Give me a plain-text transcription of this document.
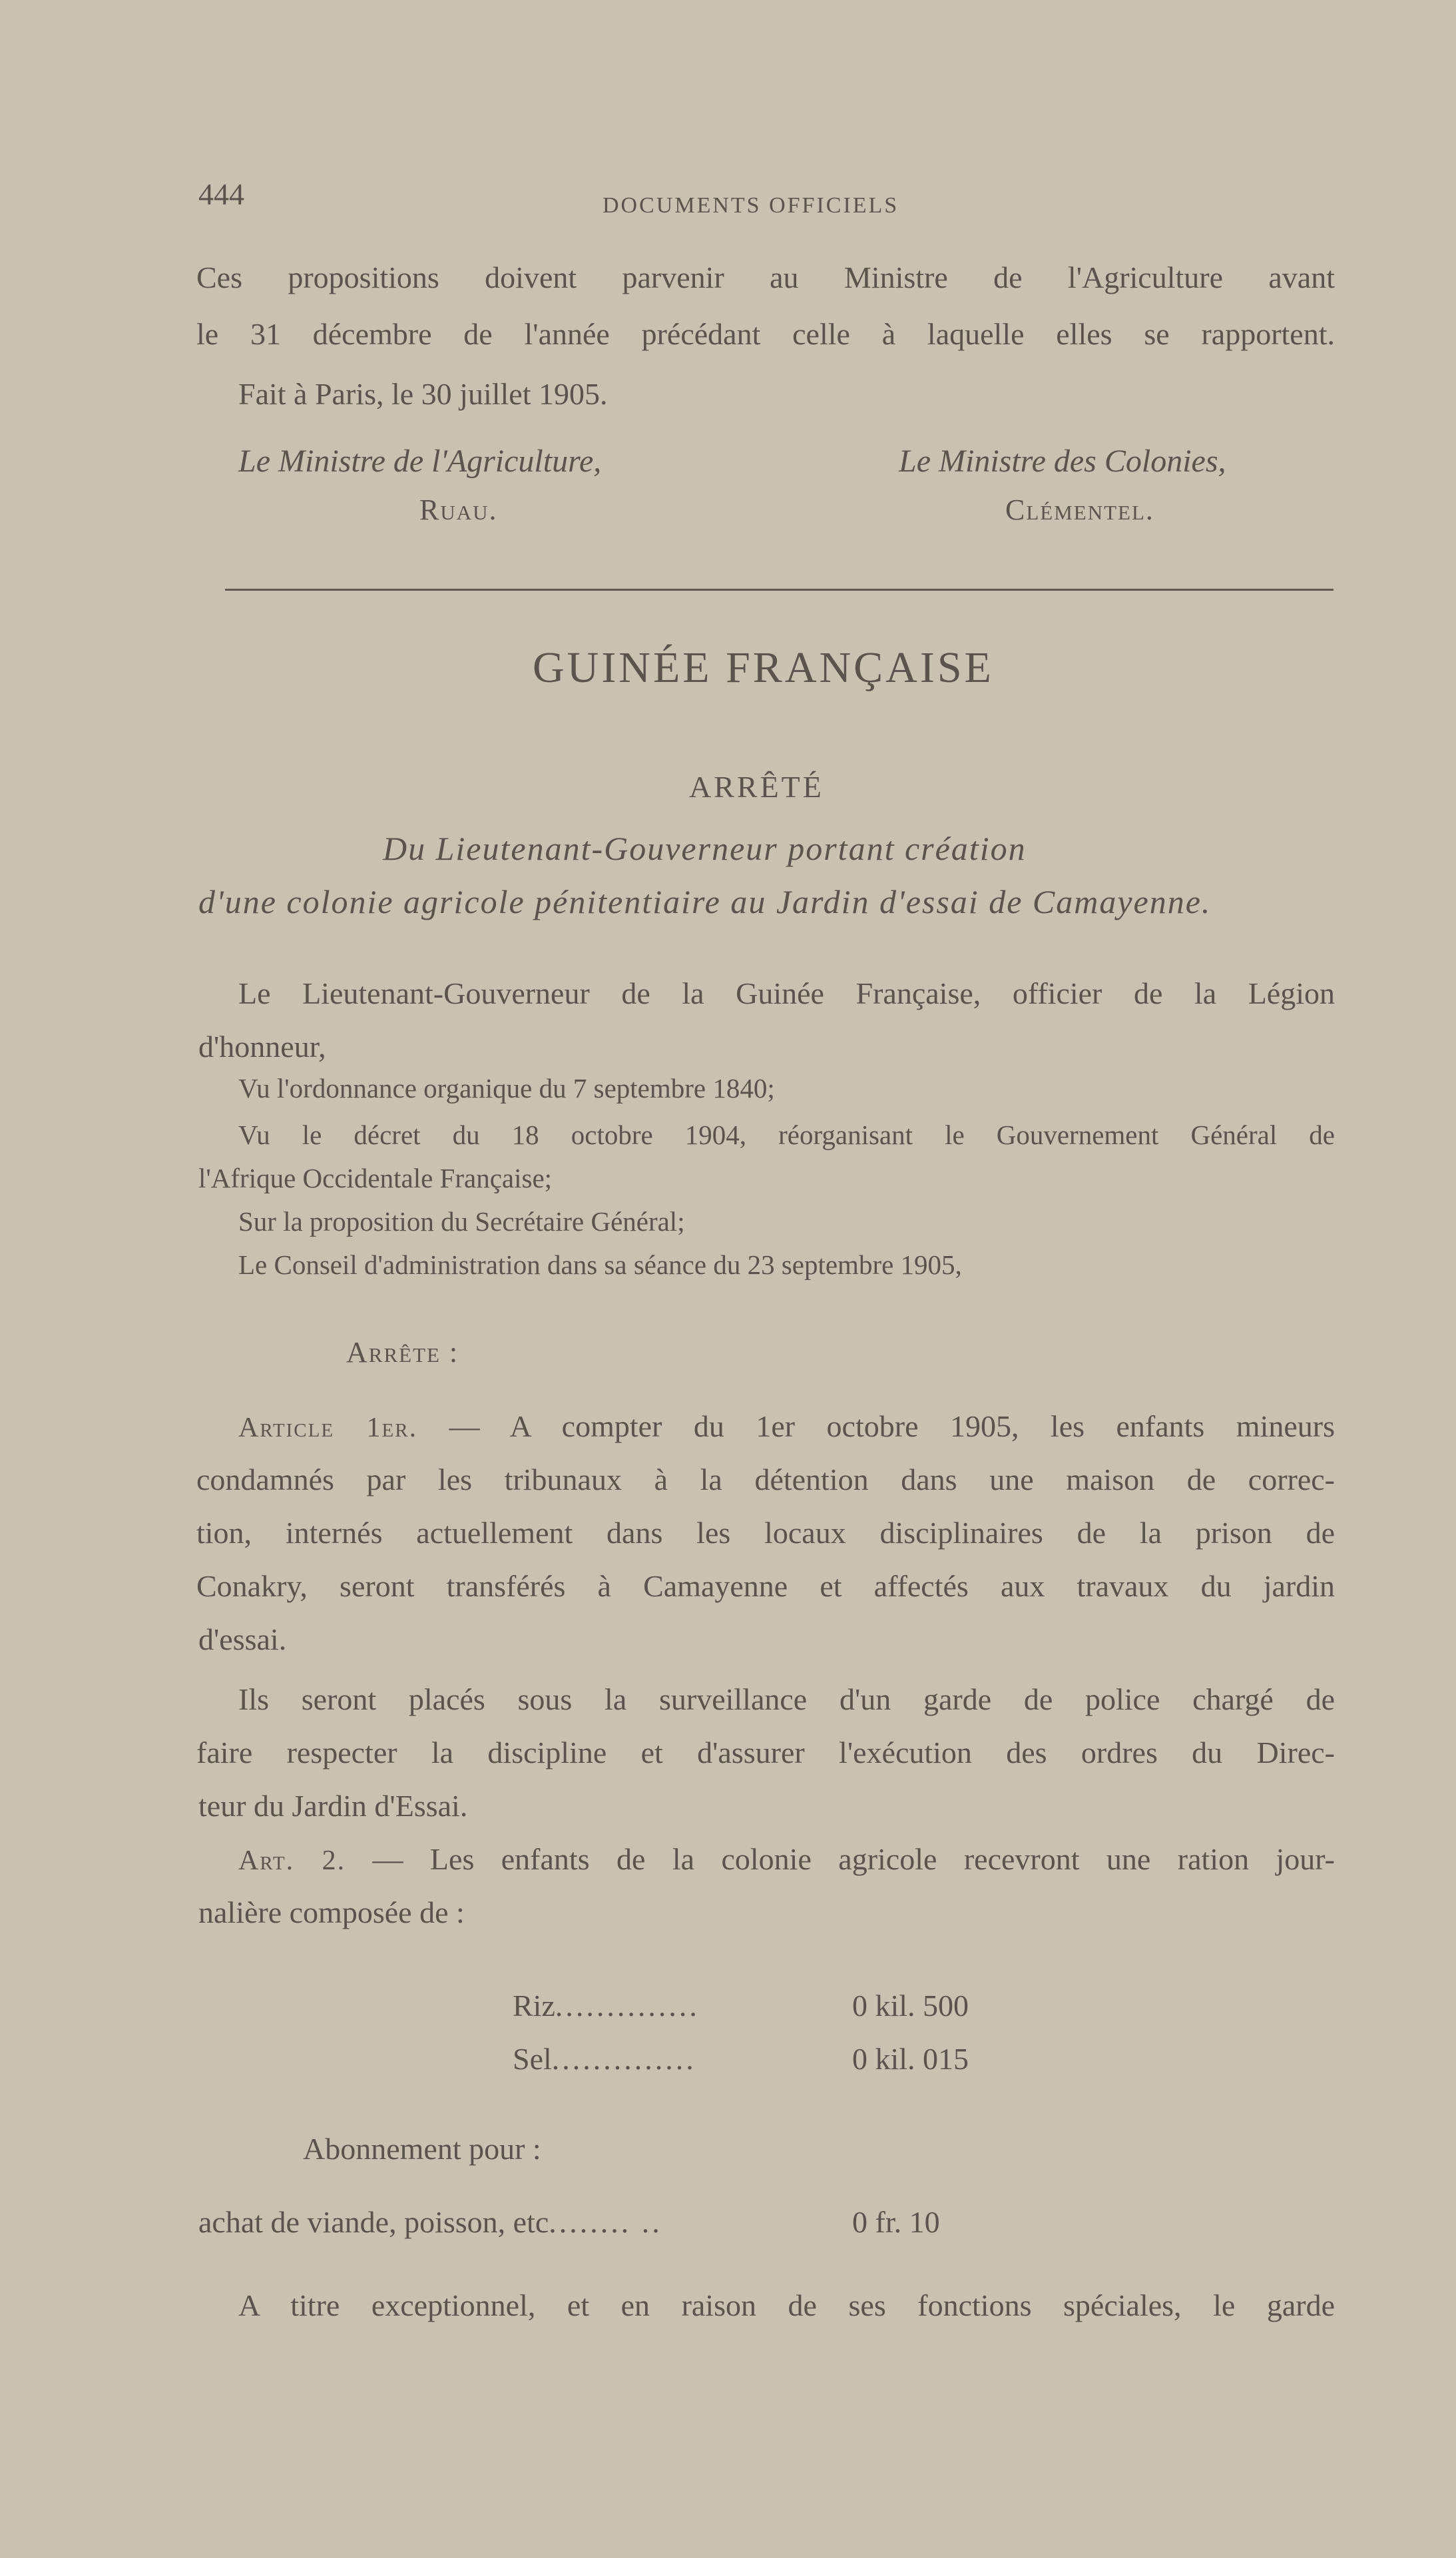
444	DOCUMENTS OFFICIELS
Ces propositions doivent parvenir au Ministre de l'Agriculture avant
le 31 décembre de l'année précédant celle à laquelle elles se rapportent.
Fait à Paris, le 30 juillet 1905.
Le Ministre de l'Agriculture,
Ruau.
Le Ministre des Colonies,
Clémentel.
GUINÉE FRANÇAISE
ARRÊTÉ
Du Lieutenant-Gouverneur portant création
d'une colonie agricole pénitentiaire au Jardin d'essai de Camayenne.
Le Lieutenant-Gouverneur de la Guinée Française, officier de la Légion
d'honneur,
Vu l'ordonnance organique du 7 septembre 1840;
Vu le décret du 18 octobre 1904, réorganisant le Gouvernement Général de
l'Afrique Occidentale Française;
Sur la proposition du Secrétaire Général;
Le Conseil d'administration dans sa séance du 23 septembre 1905,
Arrête :
Article 1er. — A compter du 1er octobre 1905, les enfants mineurs
condamnés par les tribunaux à la détention dans une maison de correc-
tion, internés actuellement dans les locaux disciplinaires de la prison de
Conakry, seront transférés à Camayenne et affectés aux travaux du jardin
d'essai.
Ils seront placés sous la surveillance d'un garde de police chargé de
faire respecter la discipline et d'assurer l'exécution des ordres du Direc-
teur du Jardin d'Essai.
Art. 2. — Les enfants de la colonie agricole recevront une ration jour-
nalière composée de :
Riz..............	0 kil. 500
Sel..............	0 kil. 015
Abonnement pour :
achat de viande, poisson, etc........ ..	0 fr. 10
A titre exceptionnel, et en raison de ses fonctions spéciales, le garde
